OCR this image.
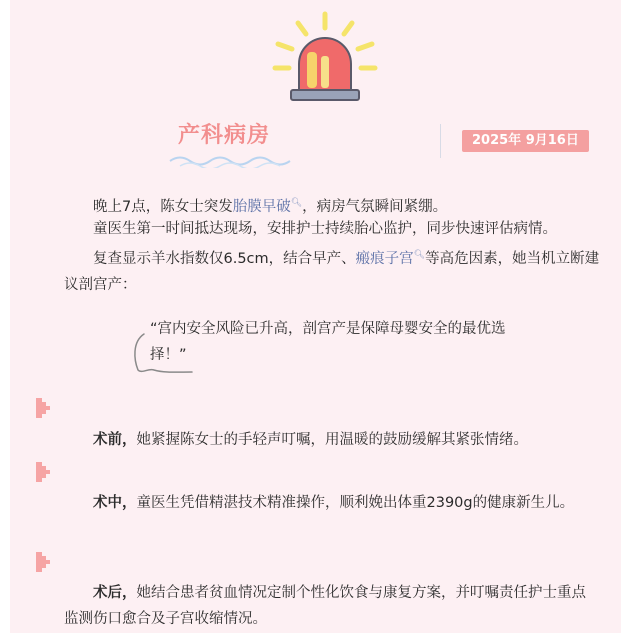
产科病房	2025年 9月16日
晚上7点，陈女士突发胎膜早破🔍︎，病房气氛瞬间紧绷。
童医生第一时间抵达现场，安排护士持续胎心监护，同步快速评估病情。
复查显示羊水指数仅6.5cm，结合早产、瘢痕子宫🔍︎等高危因素，她当机立断建议剖宫产：
“宫内安全风险已升高，剖宫产是保障母婴安全的最优选择！”
术前，她紧握陈女士的手轻声叮嘱，用温暖的鼓励缓解其紧张情绪。
术中，童医生凭借精湛技术精准操作，顺利娩出体重2390g的健康新生儿。
术后，她结合患者贫血情况定制个性化饮食与康复方案，并叮嘱责任护士重点监测伤口愈合及子宫收缩情况。
